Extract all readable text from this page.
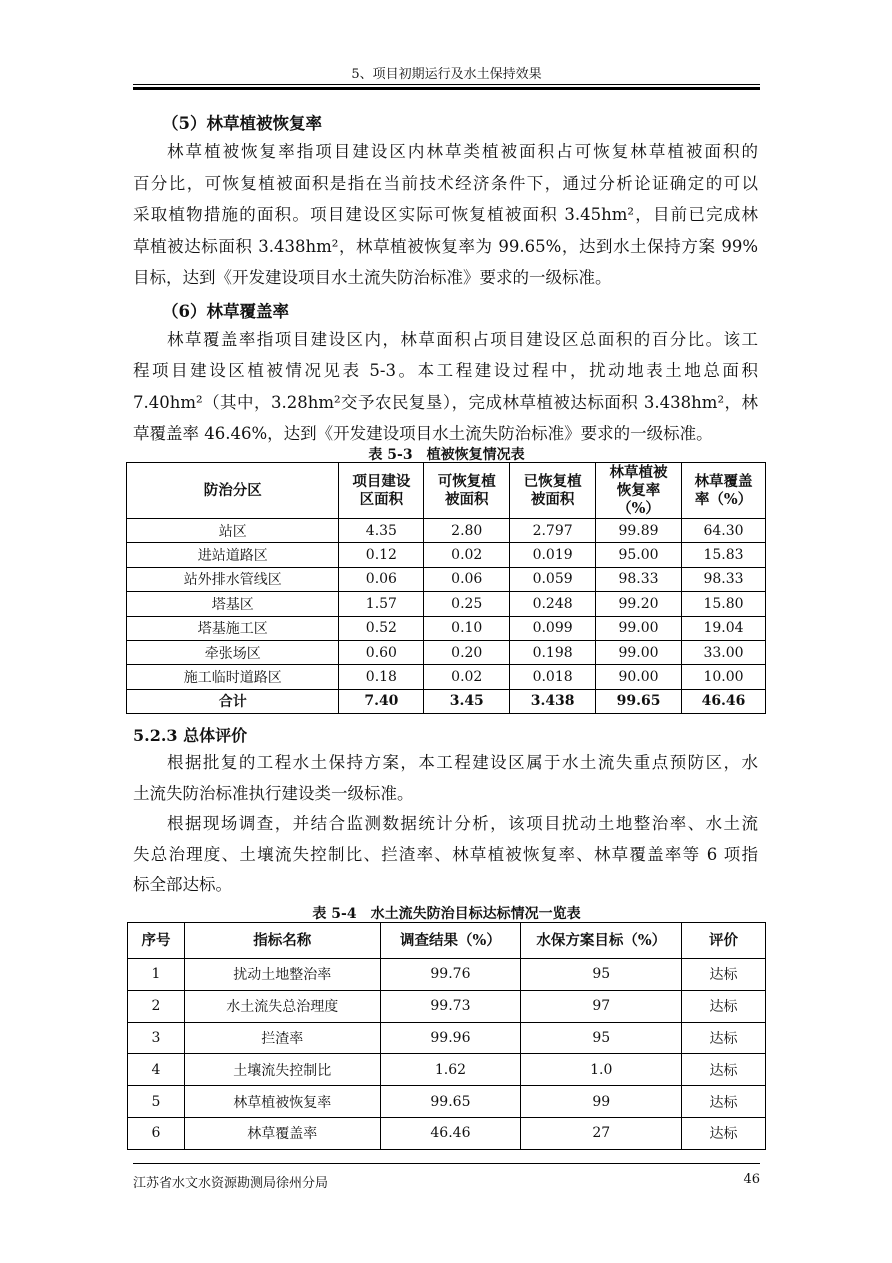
5、项目初期运行及水土保持效果
（5）林草植被恢复率
林草植被恢复率指项目建设区内林草类植被面积占可恢复林草植被面积的
百分比，可恢复植被面积是指在当前技术经济条件下，通过分析论证确定的可以
采取植物措施的面积。项目建设区实际可恢复植被面积 3.45hm²，目前已完成林
草植被达标面积 3.438hm²，林草植被恢复率为 99.65%，达到水土保持方案 99%
目标，达到《开发建设项目水土流失防治标准》要求的一级标准。
（6）林草覆盖率
林草覆盖率指项目建设区内，林草面积占项目建设区总面积的百分比。该工
程项目建设区植被情况见表 5-3。本工程建设过程中，扰动地表土地总面积
7.40hm²（其中，3.28hm²交予农民复垦），完成林草植被达标面积 3.438hm²，林
草覆盖率 46.46%，达到《开发建设项目水土流失防治标准》要求的一级标准。
表 5-3　植被恢复情况表
防治分区	项目建设区面积	可恢复植被面积	已恢复植被面积	林草植被恢复率（%）	林草覆盖率（%）
站区	4.35	2.80	2.797	99.89	64.30
进站道路区	0.12	0.02	0.019	95.00	15.83
站外排水管线区	0.06	0.06	0.059	98.33	98.33
塔基区	1.57	0.25	0.248	99.20	15.80
塔基施工区	0.52	0.10	0.099	99.00	19.04
牵张场区	0.60	0.20	0.198	99.00	33.00
施工临时道路区	0.18	0.02	0.018	90.00	10.00
合计	7.40	3.45	3.438	99.65	46.46
5.2.3 总体评价
根据批复的工程水土保持方案，本工程建设区属于水土流失重点预防区，水
土流失防治标准执行建设类一级标准。
根据现场调查，并结合监测数据统计分析，该项目扰动土地整治率、水土流
失总治理度、土壤流失控制比、拦渣率、林草植被恢复率、林草覆盖率等 6 项指
标全部达标。
表 5-4　水土流失防治目标达标情况一览表
序号	指标名称	调查结果（%）	水保方案目标（%）	评价
1	扰动土地整治率	99.76	95	达标
2	水土流失总治理度	99.73	97	达标
3	拦渣率	99.96	95	达标
4	土壤流失控制比	1.62	1.0	达标
5	林草植被恢复率	99.65	99	达标
6	林草覆盖率	46.46	27	达标
江苏省水文水资源勘测局徐州分局	46
